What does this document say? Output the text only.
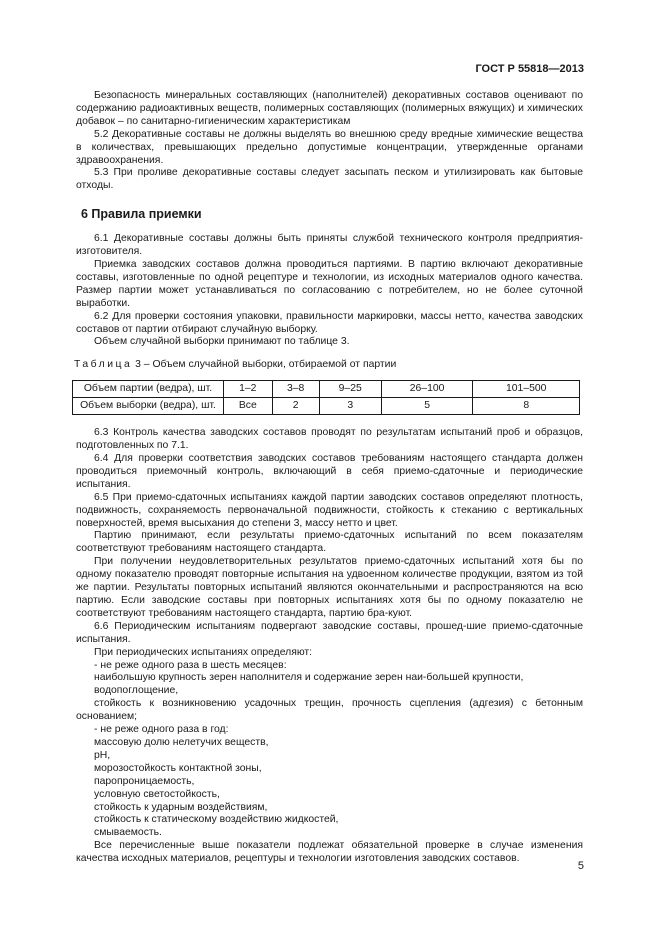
ГОСТ Р 55818—2013

Безопасность минеральных составляющих (наполнителей) декоративных составов оценивают по содержанию радиоактивных веществ, полимерных составляющих (полимерных вяжущих) и химических добавок – по санитарно-гигиеническим характеристикам

5.2 Декоративные составы не должны выделять во внешнюю среду вредные химические вещества в количествах, превышающих предельно допустимые концентрации, утвержденные органами здравоохранения.

5.3 При проливе декоративные составы следует засыпать песком и утилизировать как бытовые отходы.

6 Правила приемки

6.1 Декоративные составы должны быть приняты службой технического контроля предприятия-изготовителя.

Приемка заводских составов должна проводиться партиями. В партию включают декоративные составы, изготовленные по одной рецептуре и технологии, из исходных материалов одного качества. Размер партии может устанавливаться по согласованию с потребителем, но не более суточной выработки.

6.2 Для проверки состояния упаковки, правильности маркировки, массы нетто, качества заводских составов от партии отбирают случайную выборку.

Объем случайной выборки принимают по таблице 3.

Таблица 3 – Объем случайной выборки, отбираемой от партии
Объем партии (ведра), шт.	1–2	3–8	9–25	26–100	101–500
Объем выборки (ведра), шт.	Все	2	3	5	8

6.3 Контроль качества заводских составов проводят по результатам испытаний проб и образцов, подготовленных по 7.1.

6.4 Для проверки соответствия заводских составов требованиям настоящего стандарта должен проводиться приемочный контроль, включающий в себя приемо-сдаточные и периодические испытания.

6.5 При приемо-сдаточных испытаниях каждой партии заводских составов определяют плотность, подвижность, сохраняемость первоначальной подвижности, стойкость к стеканию с вертикальных поверхностей, время высыхания до степени 3, массу нетто и цвет.

Партию принимают, если результаты приемо-сдаточных испытаний по всем показателям соответствуют требованиям настоящего стандарта.

При получении неудовлетворительных результатов приемо-сдаточных испытаний хотя бы по одному показателю проводят повторные испытания на удвоенном количестве продукции, взятом из той же партии. Результаты повторных испытаний являются окончательными и распространяются на всю партию. Если заводские составы при повторных испытаниях хотя бы по одному показателю не соответствуют требованиям настоящего стандарта, партию бра-куют.

6.6 Периодическим испытаниям подвергают заводские составы, прошед-шие приемо-сдаточные испытания.

При периодических испытаниях определяют:

- не реже одного раза в шесть месяцев:

наибольшую крупность зерен наполнителя и содержание зерен наи-большей крупности,

водопоглощение,

стойкость к возникновению усадочных трещин, прочность сцепления (адгезия) с бетонным основанием;

- не реже одного раза в год:

массовую долю нелетучих веществ,

pH,

морозостойкость контактной зоны,

паропроницаемость,

условную светостойкость,

стойкость к ударным воздействиям,

стойкость к статическому воздействию жидкостей,

смываемость.

Все перечисленные выше показатели подлежат обязательной проверке в случае изменения качества исходных материалов, рецептуры и технологии изготовления заводских составов.

5
